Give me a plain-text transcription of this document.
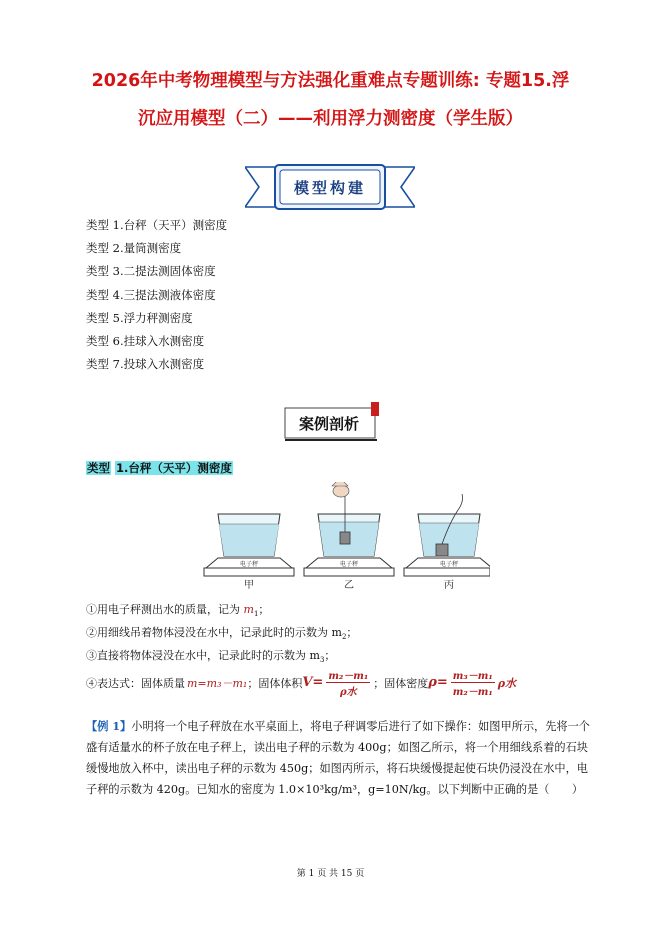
2026年中考物理模型与方法强化重难点专题训练: 专题15.浮
沉应用模型（二）——利用浮力测密度（学生版）
模型构建
类型 1.台秤（天平）测密度
类型 2.量筒测密度
类型 3.二提法测固体密度
类型 4.三提法测液体密度
类型 5.浮力秤测密度
类型 6.挂球入水测密度
类型 7.投球入水测密度
案例剖析
类型 1.台秤（天平）测密度
电子秤
甲
电子秤
乙
电子秤
丙
①用电子秤测出水的质量，记为 $m_1$；
②用细线吊着物体浸没在水中，记录此时的示数为 $m_2$；
③直接将物体浸没在水中，记录此时的示数为 $m_3$；
④表达式：固体质量 m=m₃－m₁ ；固体体积 $V= \frac{\text{m₂－m₁}}{\text{ρ水}}$ ；固体密度 $\rho= \frac{\text{m₃－m₁}}{\text{m₂－m₁}}$ ρ水
【例 1】小明将一个电子秤放在水平桌面上，将电子秤调零后进行了如下操作：如图甲所示，先将一个盛有适量水的杯子放在电子秤上，读出电子秤的示数为 400g；如图乙所示，将一个用细线系着的石块缓慢地放入杯中，读出电子秤的示数为 450g；如图丙所示，将石块缓慢提起使石块仍浸没在水中，电子秤的示数为 420g。已知水的密度为 1.0×10³kg/m³，g=10N/kg。以下判断中正确的是（　　）
第 1 页 共 15 页
